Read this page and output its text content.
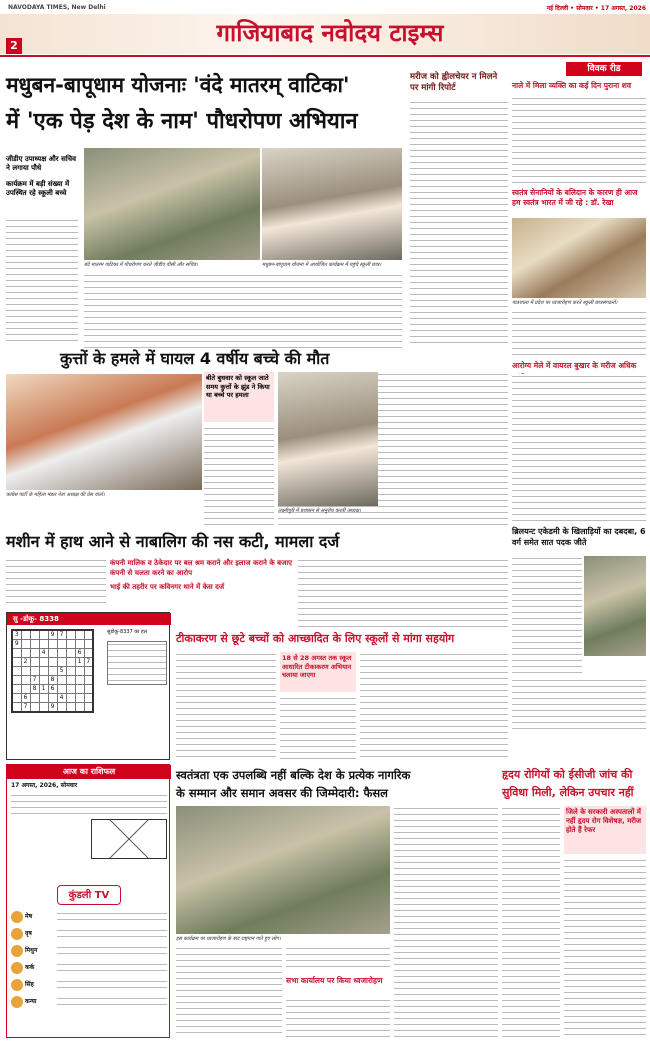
NAVODAYA TIMES, New Delhi	नई दिल्ली • सोमवार • 17 अगस्त, 2026
2	गाजियाबाद नवोदय टाइम्स
मधुबन-बापूधाम योजनाः 'वंदे मातरम् वाटिका'
में 'एक पेड़ देश के नाम' पौधरोपण अभियान
जीडीए उपाध्यक्ष और सचिव ने लगाया पौधे
कार्यक्रम में बड़ी संख्या में उपस्थित रहे स्कूली बच्चे
बंदे मातरम वाटिका में पौधरोपण करते जीडीए वीसी और सचिव।	मधुबन-बापूधाम योजना में आयोजित कार्यक्रम में पहुंचे स्कूली छात्र।
मरीज को ह्वीलचेयर न मिलने पर मांगी रिपोर्ट
विवक रीड
नाले में मिला व्यक्ति का कई दिन पुराना शव
स्वतंत्र सेनानियों के बलिदान के कारण ही आज हम स्वतंत्र भारत में जी रहे : डॉ. रेखा
पाठशाला में प्रदेश पर ध्वजारोहण करते स्कूली छात्रसंगठनों।
कुत्तों के हमले में घायल 4 वर्षीय बच्चे की मौत
बीते बुधवार को स्कूल जाते समय कुत्तों के झुंड ने किया था बच्चे पर हमला
कांग्रेस पार्टी के महिला मंडल नेता अध्यक्ष की प्रेस वार्ता।
लक्ष्मीपुरी में प्रशासन से अनुरोध करतीं अध्यक्ष।
आरोग्य मेले में वायरल बुखार के मरीज अधिक
ब्रिलयन्ट एकेडमी के खिलाड़ियों का दबदबा, 6 वर्ग समेत सात पदक जीते
मशीन में हाथ आने से नाबालिग की नस कटी, मामला दर्ज
कंपनी मालिक व ठेकेदार पर बल श्रम कराने और इलाज कराने के बजाए कंपनी से चलता करने का आरोप
भाई की तहरीर पर कविनगर थाने में केस दर्ज
सु -डोकू- 8338
3				9	7			
9								
			4				6	
	2						1	7
					5			
		7		8				
		8	1	6				
	6				4			
	7			9				
सुडोकू-8337 का हल	टीकाकरण से छूटे बच्चों को आच्छादित के लिए स्कूलों से मांगा सहयोग
18 से 28 अगस्त तक स्कूल आधारित टीकाकरण अभियान चलाया जाएगा
आज का राशिफल
17 अगस्त, 2026, सोमवार
कुंडली TV
मेष
वृष
मिथुन
कर्क
सिंह
कन्या
स्वतंत्रता एक उपलब्धि नहीं बल्कि देश के प्रत्येक नागरिक
के सम्मान और समान अवसर की जिम्मेदारी: फैसल
इस कार्यक्रम पर ध्वजारोहण के बाद राष्ट्रगान गाते हुए लोग।
सभा कार्यालय पर किया ध्वजारोहण
हृदय रोगियों को ईसीजी जांच की
सुविधा मिली, लेकिन उपचार नहीं
जिले के सरकारी अस्पतालों में नहीं हृदय रोग विशेषज्ञ, मरीज होते हैं रेफर
